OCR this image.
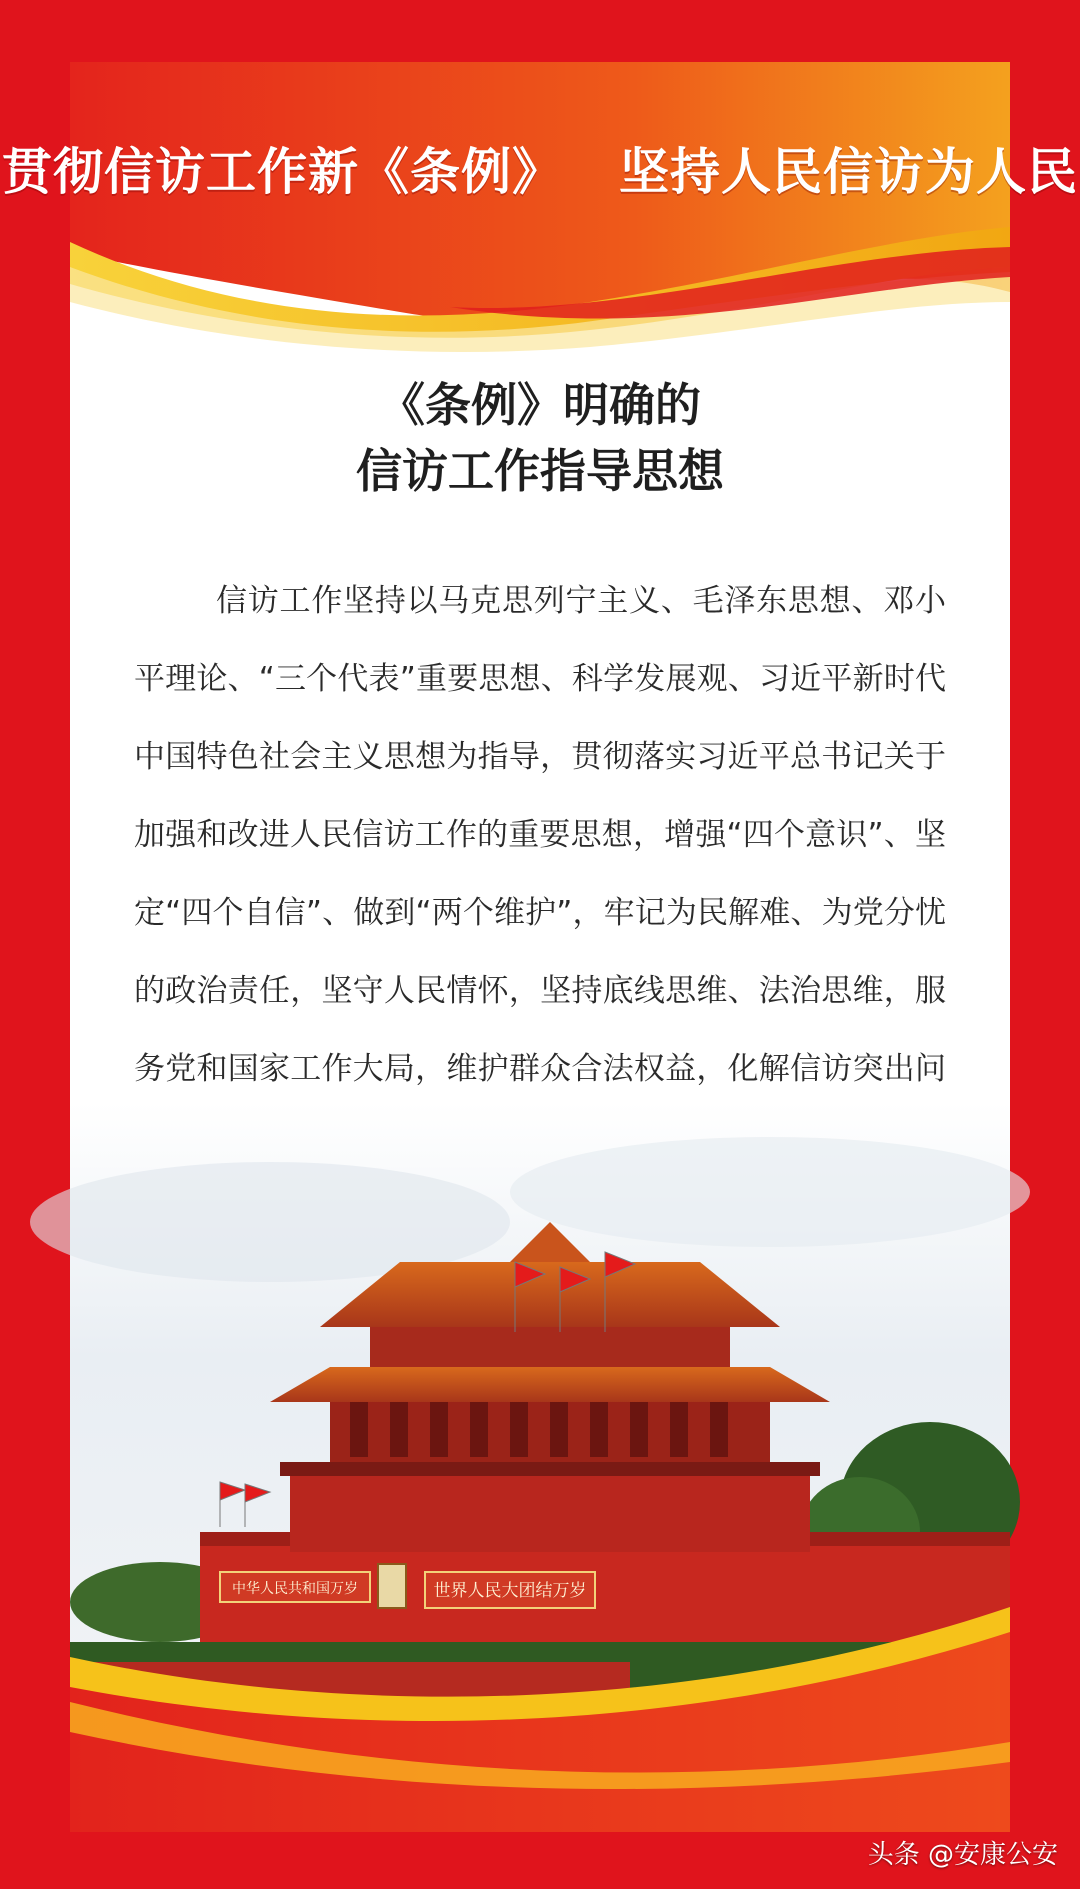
贯彻信访工作新《条例》 坚持人民信访为人民
《条例》明确的
信访工作指导思想
信访工作坚持以马克思列宁主义、毛泽东思想、邓小平理论、“三个代表”重要思想、科学发展观、习近平新时代中国特色社会主义思想为指导，贯彻落实习近平总书记关于加强和改进人民信访工作的重要思想，增强“四个意识”、坚定“四个自信”、做到“两个维护”，牢记为民解难、为党分忧的政治责任，坚守人民情怀，坚持底线思维、法治思维，服务党和国家工作大局，维护群众合法权益，化解信访突出问
中华人民共和国万岁	世界人民大团结万岁
头条 @安康公安
